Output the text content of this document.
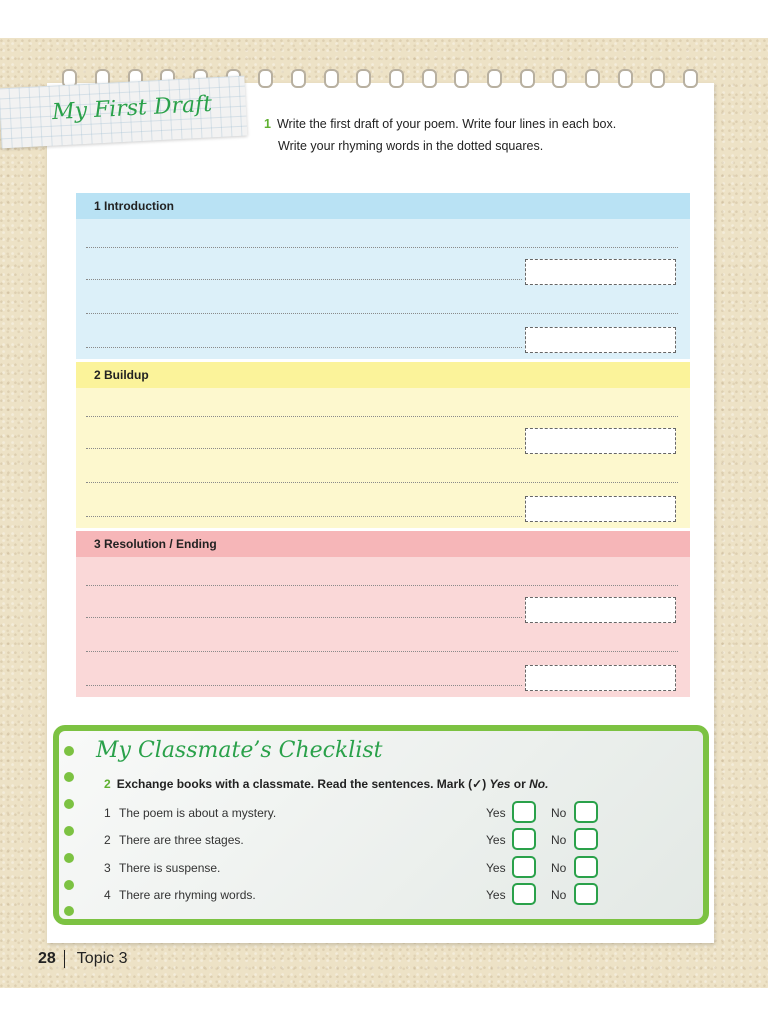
My First Draft	1 Write the first draft of your poem. Write four lines in each box.
Write your rhyming words in the dotted squares.
1 Introduction
2 Buildup
3 Resolution / Ending
My Classmate’s Checklist
2 Exchange books with a classmate. Read the sentences. Mark (✓) Yes or No.
1 The poem is about a mystery.	Yes	No
2 There are three stages.	Yes	No
3 There is suspense.	Yes	No
4 There are rhyming words.	Yes	No
28 Topic 3
